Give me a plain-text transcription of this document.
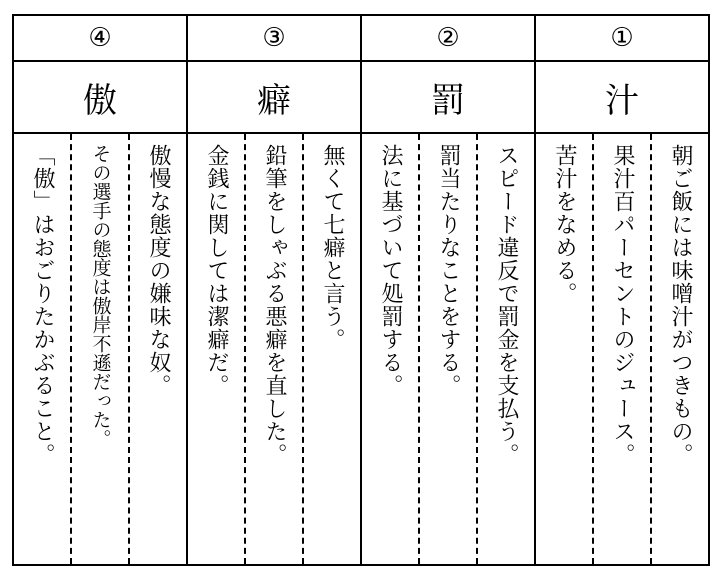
④
傲
傲慢な態度の嫌味な奴。
その選手の態度は傲岸不遜だった。
「傲」はおごりたかぶること。
③
癖
無くて七癖と言う。
鉛筆をしゃぶる悪癖を直した。
金銭に関しては潔癖だ。
②
罰
スピード違反で罰金を支払う。
罰当たりなことをする。
法に基づいて処罰する。
①
汁
朝ご飯には味噌汁がつきもの。
果汁百パーセントのジュース。
苦汁をなめる。
